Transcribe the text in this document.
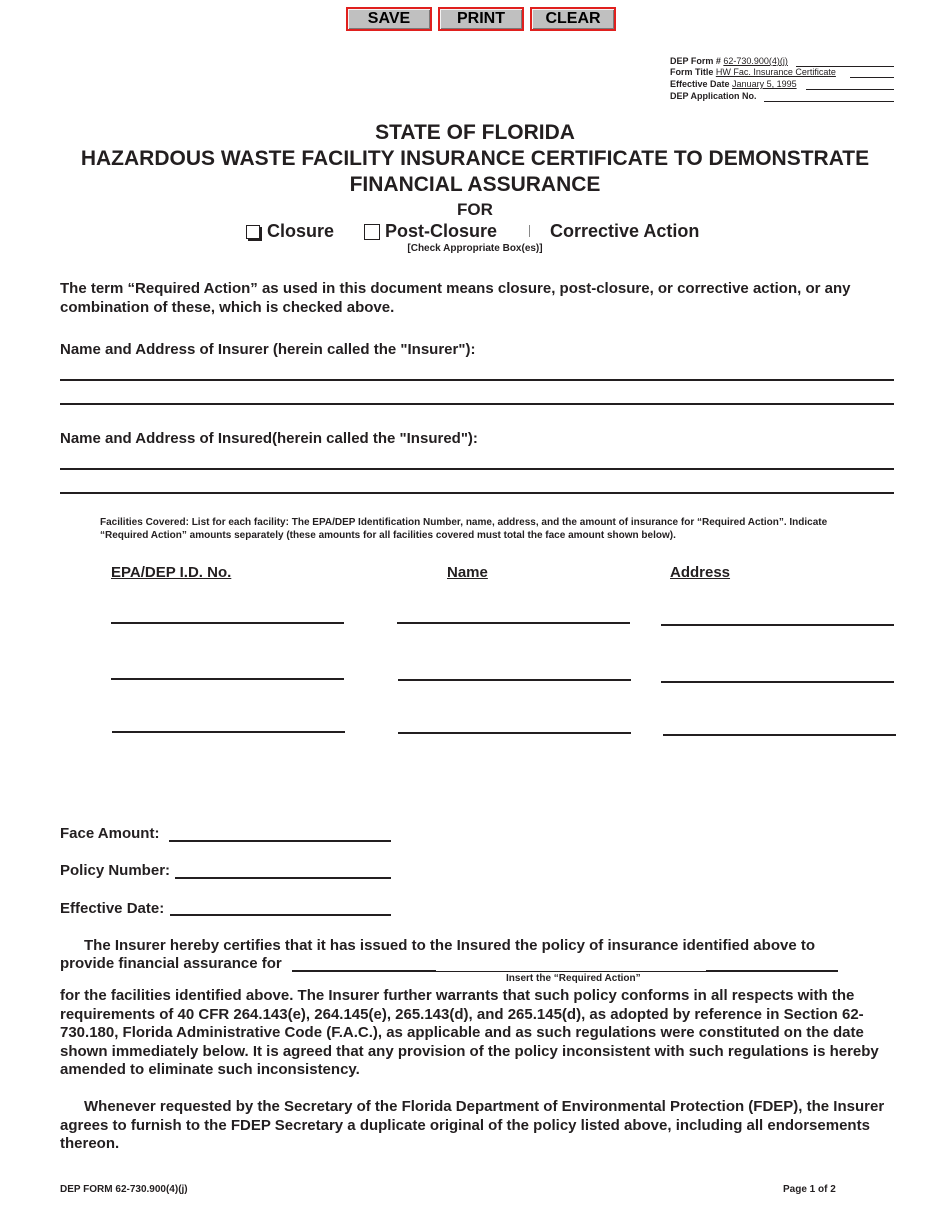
SAVE	PRINT	CLEAR
DEP Form # 62-730.900(4)(j)
Form Title HW Fac. Insurance Certificate
Effective Date January 5, 1995
DEP Application No.
STATE OF FLORIDA
HAZARDOUS WASTE FACILITY INSURANCE CERTIFICATE TO DEMONSTRATE
FINANCIAL ASSURANCE
FOR
Closure	Post-Closure	Corrective Action
[Check Appropriate Box(es)]
The term “Required Action” as used in this document means closure, post-closure, or corrective action, or any combination of these, which is checked above.
Name and Address of Insurer (herein called the "Insurer"):
Name and Address of Insured(herein called the "Insured"):
Facilities Covered: List for each facility: The EPA/DEP Identification Number, name, address, and the amount of insurance for “Required Action”. Indicate “Required Action” amounts separately (these amounts for all facilities covered must total the face amount shown below).
EPA/DEP I.D. No.	Name	Address
Face Amount:
Policy Number:
Effective Date:
The Insurer hereby certifies that it has issued to the Insured the policy of insurance identified above to
provide financial assurance for
Insert the “Required Action”
for the facilities identified above. The Insurer further warrants that such policy conforms in all respects with the requirements of 40 CFR 264.143(e), 264.145(e), 265.143(d), and 265.145(d), as adopted by reference in Section 62-730.180, Florida Administrative Code (F.A.C.), as applicable and as such regulations were constituted on the date shown immediately below. It is agreed that any provision of the policy inconsistent with such regulations is hereby amended to eliminate such inconsistency.
Whenever requested by the Secretary of the Florida Department of Environmental Protection (FDEP), the Insurer agrees to furnish to the FDEP Secretary a duplicate original of the policy listed above, including all endorsements thereon.
DEP FORM 62-730.900(4)(j)	Page 1 of 2
